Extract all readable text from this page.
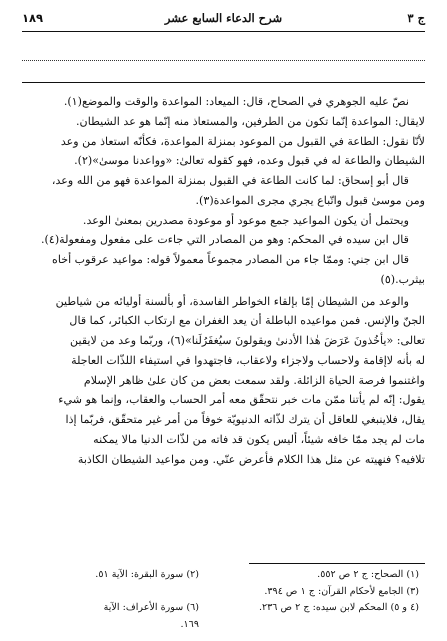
ج ٣
شرح الدعاء السابع عشر
١٨٩

نصّ عليه الجوهري في الصحاح، قال: الميعاد: المواعدة والوقت والموضع(١).

لايقال: المواعدة إنّما تكون من الطرفين، والمستعاذ منه إنّما هو عد الشيطان.

لأنّا نقول: الطاعة في القبول من الموعود بمنزلة المواعدة، فكأنّه استعاذ من وعد

الشيطان والطاعة له في قبول وعده، فهو كقوله تعالىٰ: «وواعدنا موسىٰ»(٢).

قال أبو إسحاق: لما كانت الطاعة في القبول بمنزلة المواعدة فهو من الله وعد،

ومن موسىٰ قبول واتّباع يجري مجرى المواعدة(٣).

ويحتمل أن يكون المواعيد جمع موعود أو موعودة مصدرين بمعنىٰ الوعد.

قال ابن سيده في المحكم: وهو من المصادر التي جاءت على مفعول ومفعولة(٤).

قال ابن جني: وممّا جاء من المصادر مجموعاً معمولاً قوله: مواعيد عرقوب أخاه

بيثرب.(٥)

والوعد من الشيطان إمّا بإلقاء الخواطر الفاسدة، أو بألسنة أوليائه من شياطين

الجنّ والإنس. فمن مواعيده الباطلة أن يعد الغفران مع ارتكاب الكبائر، كما قال

تعالى: «يأخُذونَ عَرَضَ هٰذا الأدنىٰ ويقولونَ سيُغفَرُلَنا»(٦)، وربّما وعد من لايقين

له بأنه لاإقامة ولاحساب ولاجزاء ولاعقاب، فاجتهدوا في استيفاء اللذّات العاجلة

واغتنموا فرصة الحياة الزائلة. ولقد سمعت بعض من كان علىٰ ظاهر الإسلام

يقول: إنّه لم يأتنا ممّن مات خبر نتحقّق معه أمر الحساب والعقاب، وإنما هو شيء

يقال، فلاينبغي للعاقل أن يترك لذّاته الدنيويّة خوفاً من أمر غير متحقّق، فربّما إذا

مات لم يجد ممّا خافه شيئاً، أليس يكون قد فاته من لذّات الدنيا مالا يمكنه

تلافيه؟ فنهيته عن مثل هذا الكلام فأعرض عنّي. ومن مواعيد الشيطان الكاذبة

(١) الصحاح: ج ٢ ص ٥٥٢.
(٢) سورة البقرة: الآية ٥١.
(٣) الجامع لأحكام القرآن: ج ١ ص ٣٩٤.
(٤ و ٥) المحكم لابن سيده: ج ٢ ص ٢٣٦.
(٦) سورة الأعراف: الآية ١٦٩.
